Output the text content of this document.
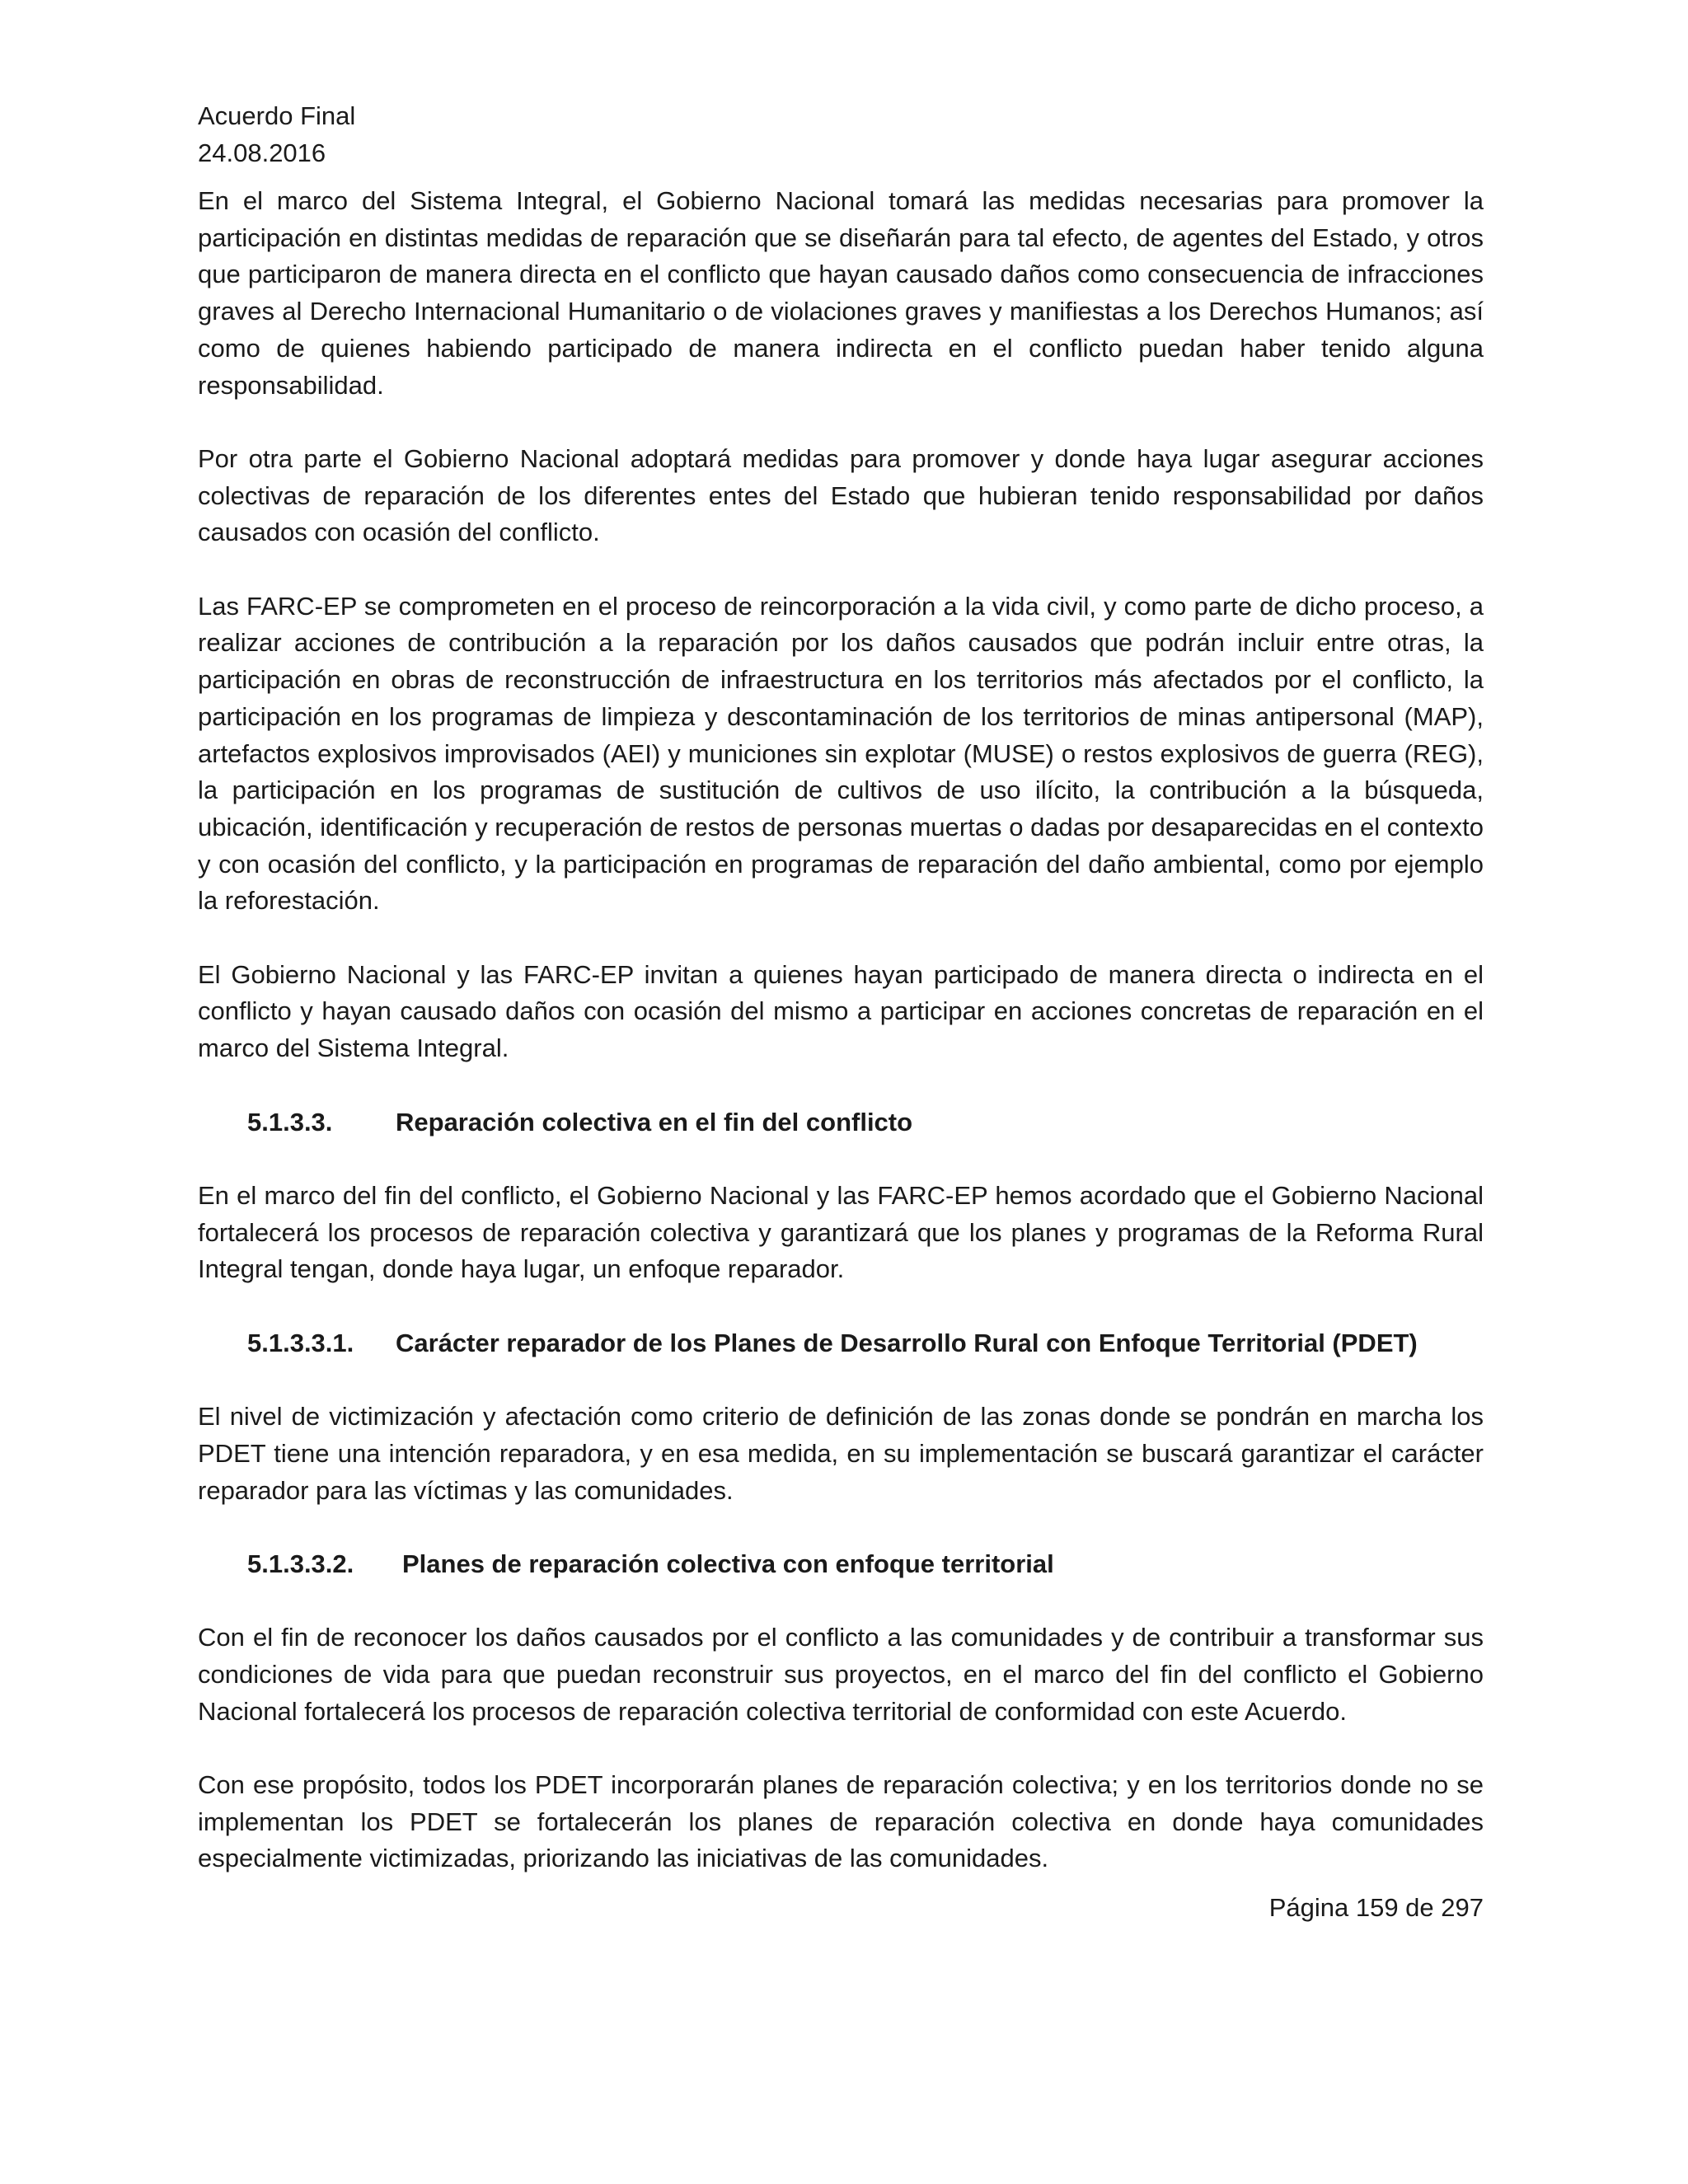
Acuerdo Final

24.08.2016

En el marco del Sistema Integral, el Gobierno Nacional tomará las medidas necesarias para promover la participación en distintas medidas de reparación que se diseñarán para tal efecto, de agentes del Estado, y otros que participaron de manera directa en el conflicto que hayan causado daños como consecuencia de infracciones graves al Derecho Internacional Humanitario o de violaciones graves y manifiestas a los Derechos Humanos; así como de quienes habiendo participado de manera indirecta en el conflicto puedan haber tenido alguna responsabilidad.

Por otra parte el Gobierno Nacional adoptará medidas para promover y donde haya lugar asegurar acciones colectivas de reparación de los diferentes entes del Estado que hubieran tenido responsabilidad por daños causados con ocasión del conflicto.

Las FARC-EP se comprometen en el proceso de reincorporación a la vida civil, y como parte de dicho proceso, a realizar acciones de contribución a la reparación por los daños causados que podrán incluir entre otras, la participación en obras de reconstrucción de infraestructura en los territorios más afectados por el conflicto, la participación en los programas de limpieza y descontaminación de los territorios de minas antipersonal (MAP), artefactos explosivos improvisados (AEI) y municiones sin explotar (MUSE) o restos explosivos de guerra (REG), la participación en los programas de sustitución de cultivos de uso ilícito, la contribución a la búsqueda, ubicación, identificación y recuperación de restos de personas muertas o dadas por desaparecidas en el contexto y con ocasión del conflicto, y la participación en programas de reparación del daño ambiental, como por ejemplo la reforestación.

El Gobierno Nacional y las FARC-EP invitan a quienes hayan participado de manera directa o indirecta en el conflicto y hayan causado daños con ocasión del mismo a participar en acciones concretas de reparación en el marco del Sistema Integral.

5.1.3.3.	Reparación colectiva en el fin del conflicto

En el marco del fin del conflicto, el Gobierno Nacional y las FARC-EP hemos acordado que el Gobierno Nacional fortalecerá los procesos de reparación colectiva y garantizará que los planes y programas de la Reforma Rural Integral tengan, donde haya lugar, un enfoque reparador.

5.1.3.3.1.	Carácter reparador de los Planes de Desarrollo Rural con Enfoque Territorial (PDET)

El nivel de victimización y afectación como criterio de definición de las zonas donde se pondrán en marcha los PDET tiene una intención reparadora, y en esa medida, en su implementación se buscará garantizar el carácter reparador para las víctimas y las comunidades.

5.1.3.3.2.	Planes de reparación colectiva con enfoque territorial

Con el fin de reconocer los daños causados por el conflicto a las comunidades y de contribuir a transformar sus condiciones de vida para que puedan reconstruir sus proyectos, en el marco del fin del conflicto el Gobierno Nacional fortalecerá los procesos de reparación colectiva territorial de conformidad con este Acuerdo.

Con ese propósito, todos los PDET incorporarán planes de reparación colectiva; y en los territorios donde no se implementan los PDET se fortalecerán los planes de reparación colectiva en donde haya comunidades especialmente victimizadas, priorizando las iniciativas de las comunidades.

Página 159 de 297
